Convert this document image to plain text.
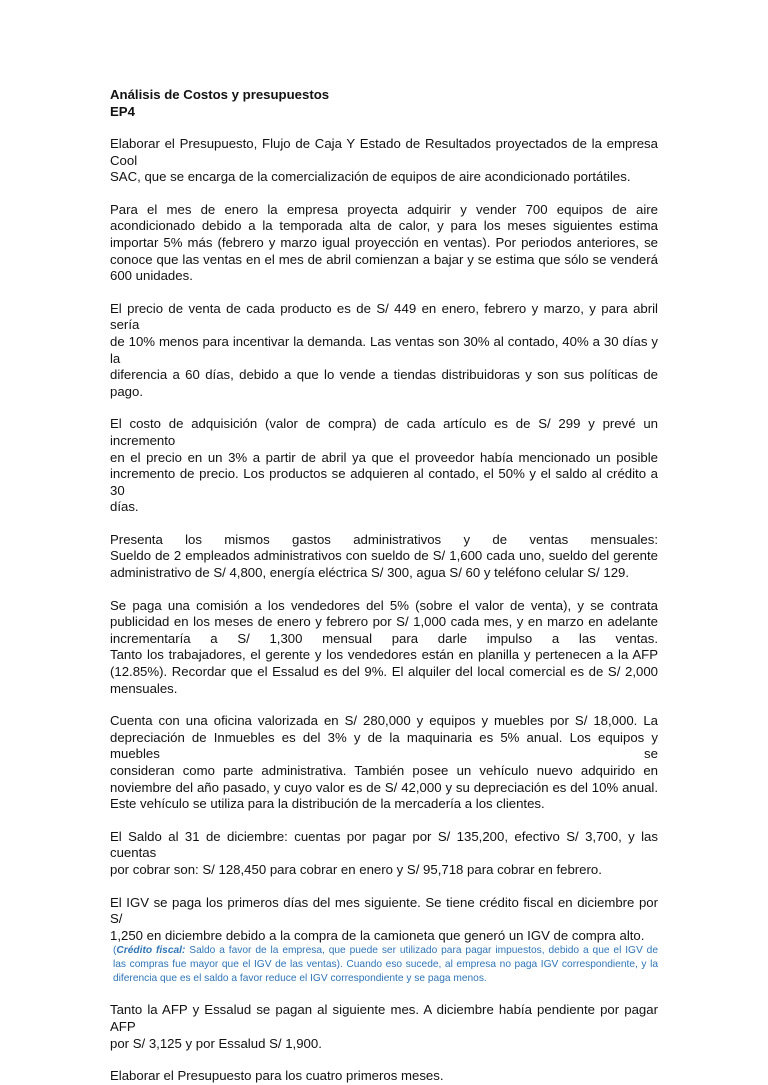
Análisis de Costos y presupuestos
EP4
Elaborar el Presupuesto, Flujo de Caja Y Estado de Resultados proyectados de la empresa Cool
SAC, que se encarga de la comercialización de equipos de aire acondicionado portátiles.
Para el mes de enero la empresa proyecta adquirir y vender 700 equipos de aire
acondicionado debido a la temporada alta de calor, y para los meses siguientes estima
importar 5% más (febrero y marzo igual proyección en ventas). Por periodos anteriores, se
conoce que las ventas en el mes de abril comienzan a bajar y se estima que sólo se venderá
600 unidades.
El precio de venta de cada producto es de S/ 449 en enero, febrero y marzo, y para abril sería
de 10% menos para incentivar la demanda. Las ventas son 30% al contado, 40% a 30 días y la
diferencia a 60 días, debido a que lo vende a tiendas distribuidoras y son sus políticas de pago.
El costo de adquisición (valor de compra) de cada artículo es de S/ 299 y prevé un incremento
en el precio en un 3% a partir de abril ya que el proveedor había mencionado un posible
incremento de precio. Los productos se adquieren al contado, el 50% y el saldo al crédito a 30
días.
Presenta los mismos gastos administrativos y de ventas mensuales:
Sueldo de 2 empleados administrativos con sueldo de S/ 1,600 cada uno, sueldo del gerente
administrativo de S/ 4,800, energía eléctrica S/ 300, agua S/ 60 y teléfono celular S/ 129.
Se paga una comisión a los vendedores del 5% (sobre el valor de venta), y se contrata
publicidad en los meses de enero y febrero por S/ 1,000 cada mes, y en marzo en adelante
incrementaría a S/ 1,300 mensual para darle impulso a las ventas.
Tanto los trabajadores, el gerente y los vendedores están en planilla y pertenecen a la AFP
(12.85%). Recordar que el Essalud es del 9%. El alquiler del local comercial es de S/ 2,000
mensuales.
Cuenta con una oficina valorizada en S/ 280,000 y equipos y muebles por S/ 18,000. La
depreciación de Inmuebles es del 3% y de la maquinaria es 5% anual. Los equipos y muebles se
consideran como parte administrativa. También posee un vehículo nuevo adquirido en
noviembre del año pasado, y cuyo valor es de S/ 42,000 y su depreciación es del 10% anual.
Este vehículo se utiliza para la distribución de la mercadería a los clientes.
El Saldo al 31 de diciembre: cuentas por pagar por S/ 135,200, efectivo S/ 3,700, y las cuentas
por cobrar son: S/ 128,450 para cobrar en enero y S/ 95,718 para cobrar en febrero.
El IGV se paga los primeros días del mes siguiente. Se tiene crédito fiscal en diciembre por S/
1,250 en diciembre debido a la compra de la camioneta que generó un IGV de compra alto.
(Crédito fiscal: Saldo a favor de la empresa, que puede ser utilizado para pagar impuestos, debido a que el IGV de
las compras fue mayor que el IGV de las ventas). Cuando eso sucede, al empresa no paga IGV correspondiente, y la
diferencia que es el saldo a favor reduce el IGV correspondiente y se paga menos.
Tanto la AFP y Essalud se pagan al siguiente mes. A diciembre había pendiente por pagar AFP
por S/ 3,125 y por Essalud S/ 1,900.
Elaborar el Presupuesto para los cuatro primeros meses.
